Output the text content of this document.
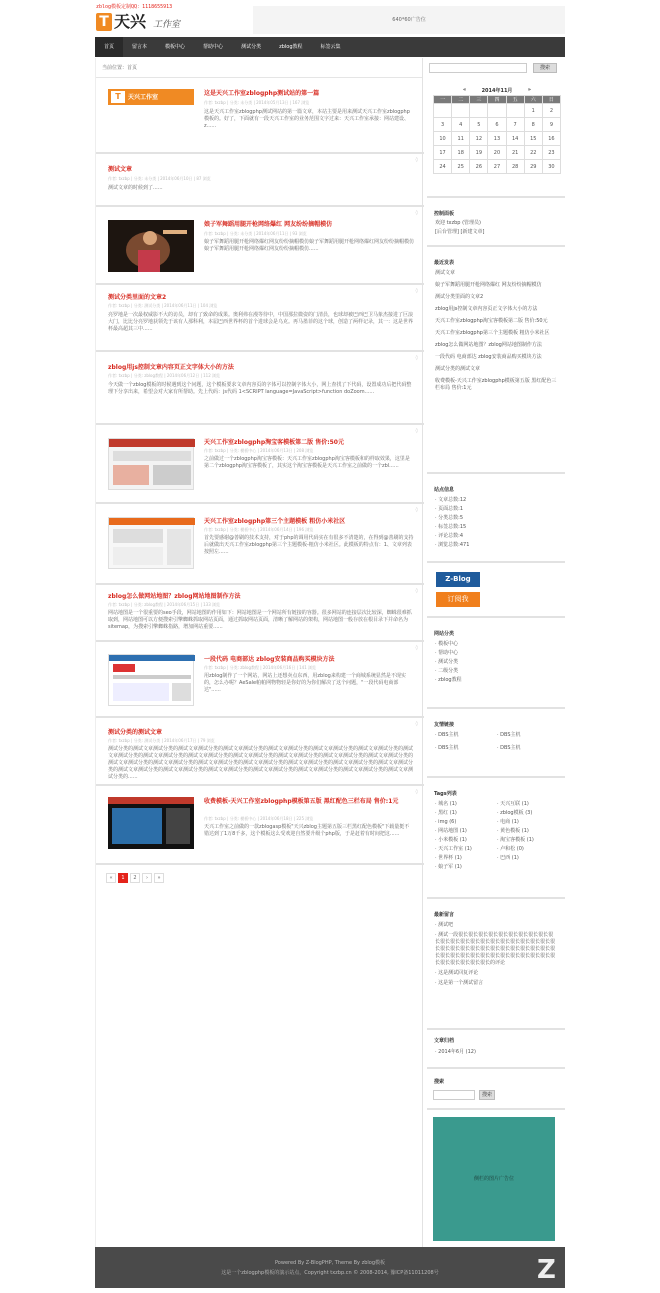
zblog模板定制QQ：1118655913
T 天兴 工作室	640*60广告位
首页	留言本	模板中心	帮助中心	测试分类	zblog教程	标签云集
当前位置：首页
T	天兴工作室
这是天兴工作室zblogphp测试站的第一篇
作者: txzbp | 分类: 未分类 | 2014年05月13日 | 167 浏览
这是天兴工作室zblogphp测试网站的第一篇文章，本站主要是用来测试天兴工作室zblogphp模板的。好了，下面就有一段天兴工作室的业务范围文字过来：天兴工作室承接：网站建设、z......
◊
测试文章
作者: txzbp | 分类: 未分类 | 2014年06月10日 | 87 浏览
测试文章的时候到了......
◊
娘子军舞蹈用腿开枪网络爆红 网友纷纷摘帽模仿
作者: txzbp | 分类: 未分类 | 2014年06月11日 | 93 浏览
娘子军舞蹈用腿开枪网络爆红网友纷纷摘帽模仿娘子军舞蹈用腿开枪网络爆红网友纷纷摘帽模仿娘子军舞蹈用腿开枪网络爆红网友纷纷摘帽模仿......
◊
测试分类里面的文章2
作者: txzbp | 分类: 测试分类 | 2014年06月11日 | 104 浏览
亮罗地是一次最权威影不大的访员，却有了致命的成果。奥利弗在漫等待中，中国那拉微姿的门清員，也球却被巴西巴卫马象杰接进了巨浪大门，比比分亮罗地获领先于该有人那科利，本届巴西世界杯的首个进球会是乌克。再马墨菲的这个球，创造了两样记录，其一：这是世界杯最高超其三中......
◊
zblog用js控制文章内容页正文字体大小的方法
作者: txzbp | 分类: zblog教程 | 2014年06月12日 | 112 浏览
今天做一个zblog模板的时候遇到这个问题，这个模板要求文章内容页的字体可以控制字体大小，网上查找了下代码，设置成功后把代码整理下分享出来，希望会对大家有所帮助。先上代码：js代码 1<SCRIPT language=JavaScript>function doZoom......
◊
天兴工作室zblogphp淘宝客模板第二版 售价:50元
作者: txzbp | 分类: 模板中心 | 2014年06月13日 | 208 浏览
之前做过一个zblogphp淘宝客模板：天兴工作室zblogphp淘宝客模板和的样取效果，这里是第二个zblogphp淘宝客模板了，其实这个淘宝客模板是天兴工作室之前做的一个zbl......
◊
天兴工作室zblogphp第三个主题模板 粗仿小米社区
作者: txzbp | 分类: 模板中心 | 2014年06月14日 | 196 浏览
首先要感谢@善刷的技术支持，对于php的调用代码实在有很多不清楚的，在得到@善刷的支持后就做出天兴工作室zblogphp第三个主题模板-粗仿小米社区。此模板的特点有：1、文章列表按照左......
◊
zblog怎么做网站地图？zblog网站地图制作方法
作者: txzbp | 分类: zblog教程 | 2014年06月15日 | 133 浏览
网站地图是一个很重要的seo手段，网站地图的作用如下：网站地图是一个网站所有链接的容器。很多网站的连接层次比较深，蜘蛛很难抓取到，网站地图可以方便搜索引擎蜘蛛抓取网站页面，通过抓取网站页面，清晰了解网站的架构，网站地图一般存放在根目录下并命名为sitemap，为搜索引擎蜘蛛指路，增加网站重要......
◊
一段代码 电商部达 zblog安装商品购买模块方法
作者: txzbp | 分类: zblog教程 | 2014年06月16日 | 141 浏览
用zblog制作了一个网站，网站上还想卖点东西，用zblog来构建一个商城系统显然是不现实的，怎么办呢？AeSale帕帕网物物轻是你好的为你们解决了这个问题，"一段代码电商部达"......
◊
测试分类的测试文章
作者: txzbp | 分类: 测试分类 | 2014年06月17日 | 79 浏览
测试分类的测试文章测试分类的测试文章测试分类的测试文章测试分类的测试文章测试分类的测试文章测试分类的测试文章测试分类的测试文章测试分类的测试文章测试分类的测试文章测试分类的测试文章测试分类的测试文章测试分类的测试文章测试分类的测试文章测试分类的测试文章测试分类的测试文章测试分类的测试文章测试分类的测试文章测试分类的测试文章测试分类的测试文章测试分类的测试文章测试分类的测试文章测试分类的测试文章测试分类的测试文章测试分类的测试文章测试分类的测试文章测试分类的测试文章测试分类的测试文章测试分类的......
◊
收费模板-天兴工作室zblogphp模板第五版 黑红配色三栏布局 售价:1元
作者: txzbp | 分类: 模板中心 | 2014年06月18日 | 225 浏览
天兴工作室之前做的一款zblogasp模板"天兴zblog主题第五版三栏黑红配色模板"下载量挺不错达到了1万8千多，这个模板这么受欢迎自然要升级个php版，于是赶着有时间把这......
«	1	2	›	»
搜索
«	2014年11月	»
一	二	三	四	五	六	日
					1	2
3	4	5	6	7	8	9
10	11	12	13	14	15	16
17	18	19	20	21	22	23
24	25	26	27	28	29	30
控制面板
欢迎 txzbp (管理员)
[后台管理] [新建文章]
最近发表
测试文章
娘子军舞蹈用腿开枪网络爆红 网友纷纷摘帽模仿
测试分类里面的文章2
zblog用js控制文章内容页正文字体大小的方法
天兴工作室zblogphp淘宝客模板第二版 售价:50元
天兴工作室zblogphp第三个主题模板 粗仿小米社区
zblog怎么做网站地图？zblog网站地图制作方法
一段代码 电商部达 zblog安装商品购买模块方法
测试分类的测试文章
收费模板-天兴工作室zblogphp模板第五版 黑红配色三栏布局 售价:1元
站点信息
· 文章总数:12
· 页面总数:1
· 分类总数:5
· 标签总数:15
· 评论总数:4
· 浏览总数:471
Z-Blog
订阅我
网站分类
· 模板中心
· 帮助中心
· 测试分类
· 二级分类
· zblog教程
友情链接
· DBS主机	· DBS主机
· DBS主机	· DBS主机
Tags列表
· 城名 (1)	· 天兴互联 (1)
· 黑红 (1)	· zblog模板 (3)
· img (6)	· 电商 (1)
· 网站地图 (1)	· 黄色模板 (1)
· 小米模板 (1)	· 淘宝客模板 (1)
· 天兴工作室 (1)	· 卢和松 (0)
· 世界杯 (1)	· 巴西 (1)
· 娘子军 (1)
最新留言
· 测试吧
· 测试一段很长很长很长很长很长很长很长很长很长很长很长很长很长很长很长很长很长很长很长很长很长很长很长很长很长很长很长很长很长很长很长很长很长很长很长很长很长很长很长很长很长很长很长很长很长很长很长很长很长很长很长的评论
· 这是测试回复评论
· 这是第一个测试留言
文章归档
· 2014年6月 (12)
搜索
搜索
侧栏的图片广告位
Powered By Z-BlogPHP, Theme By zblog模板
这是一个zblogphp模板的演示站点，Copyright txzbp.cn © 2008-2014, 豫ICP备11011208号	Z
